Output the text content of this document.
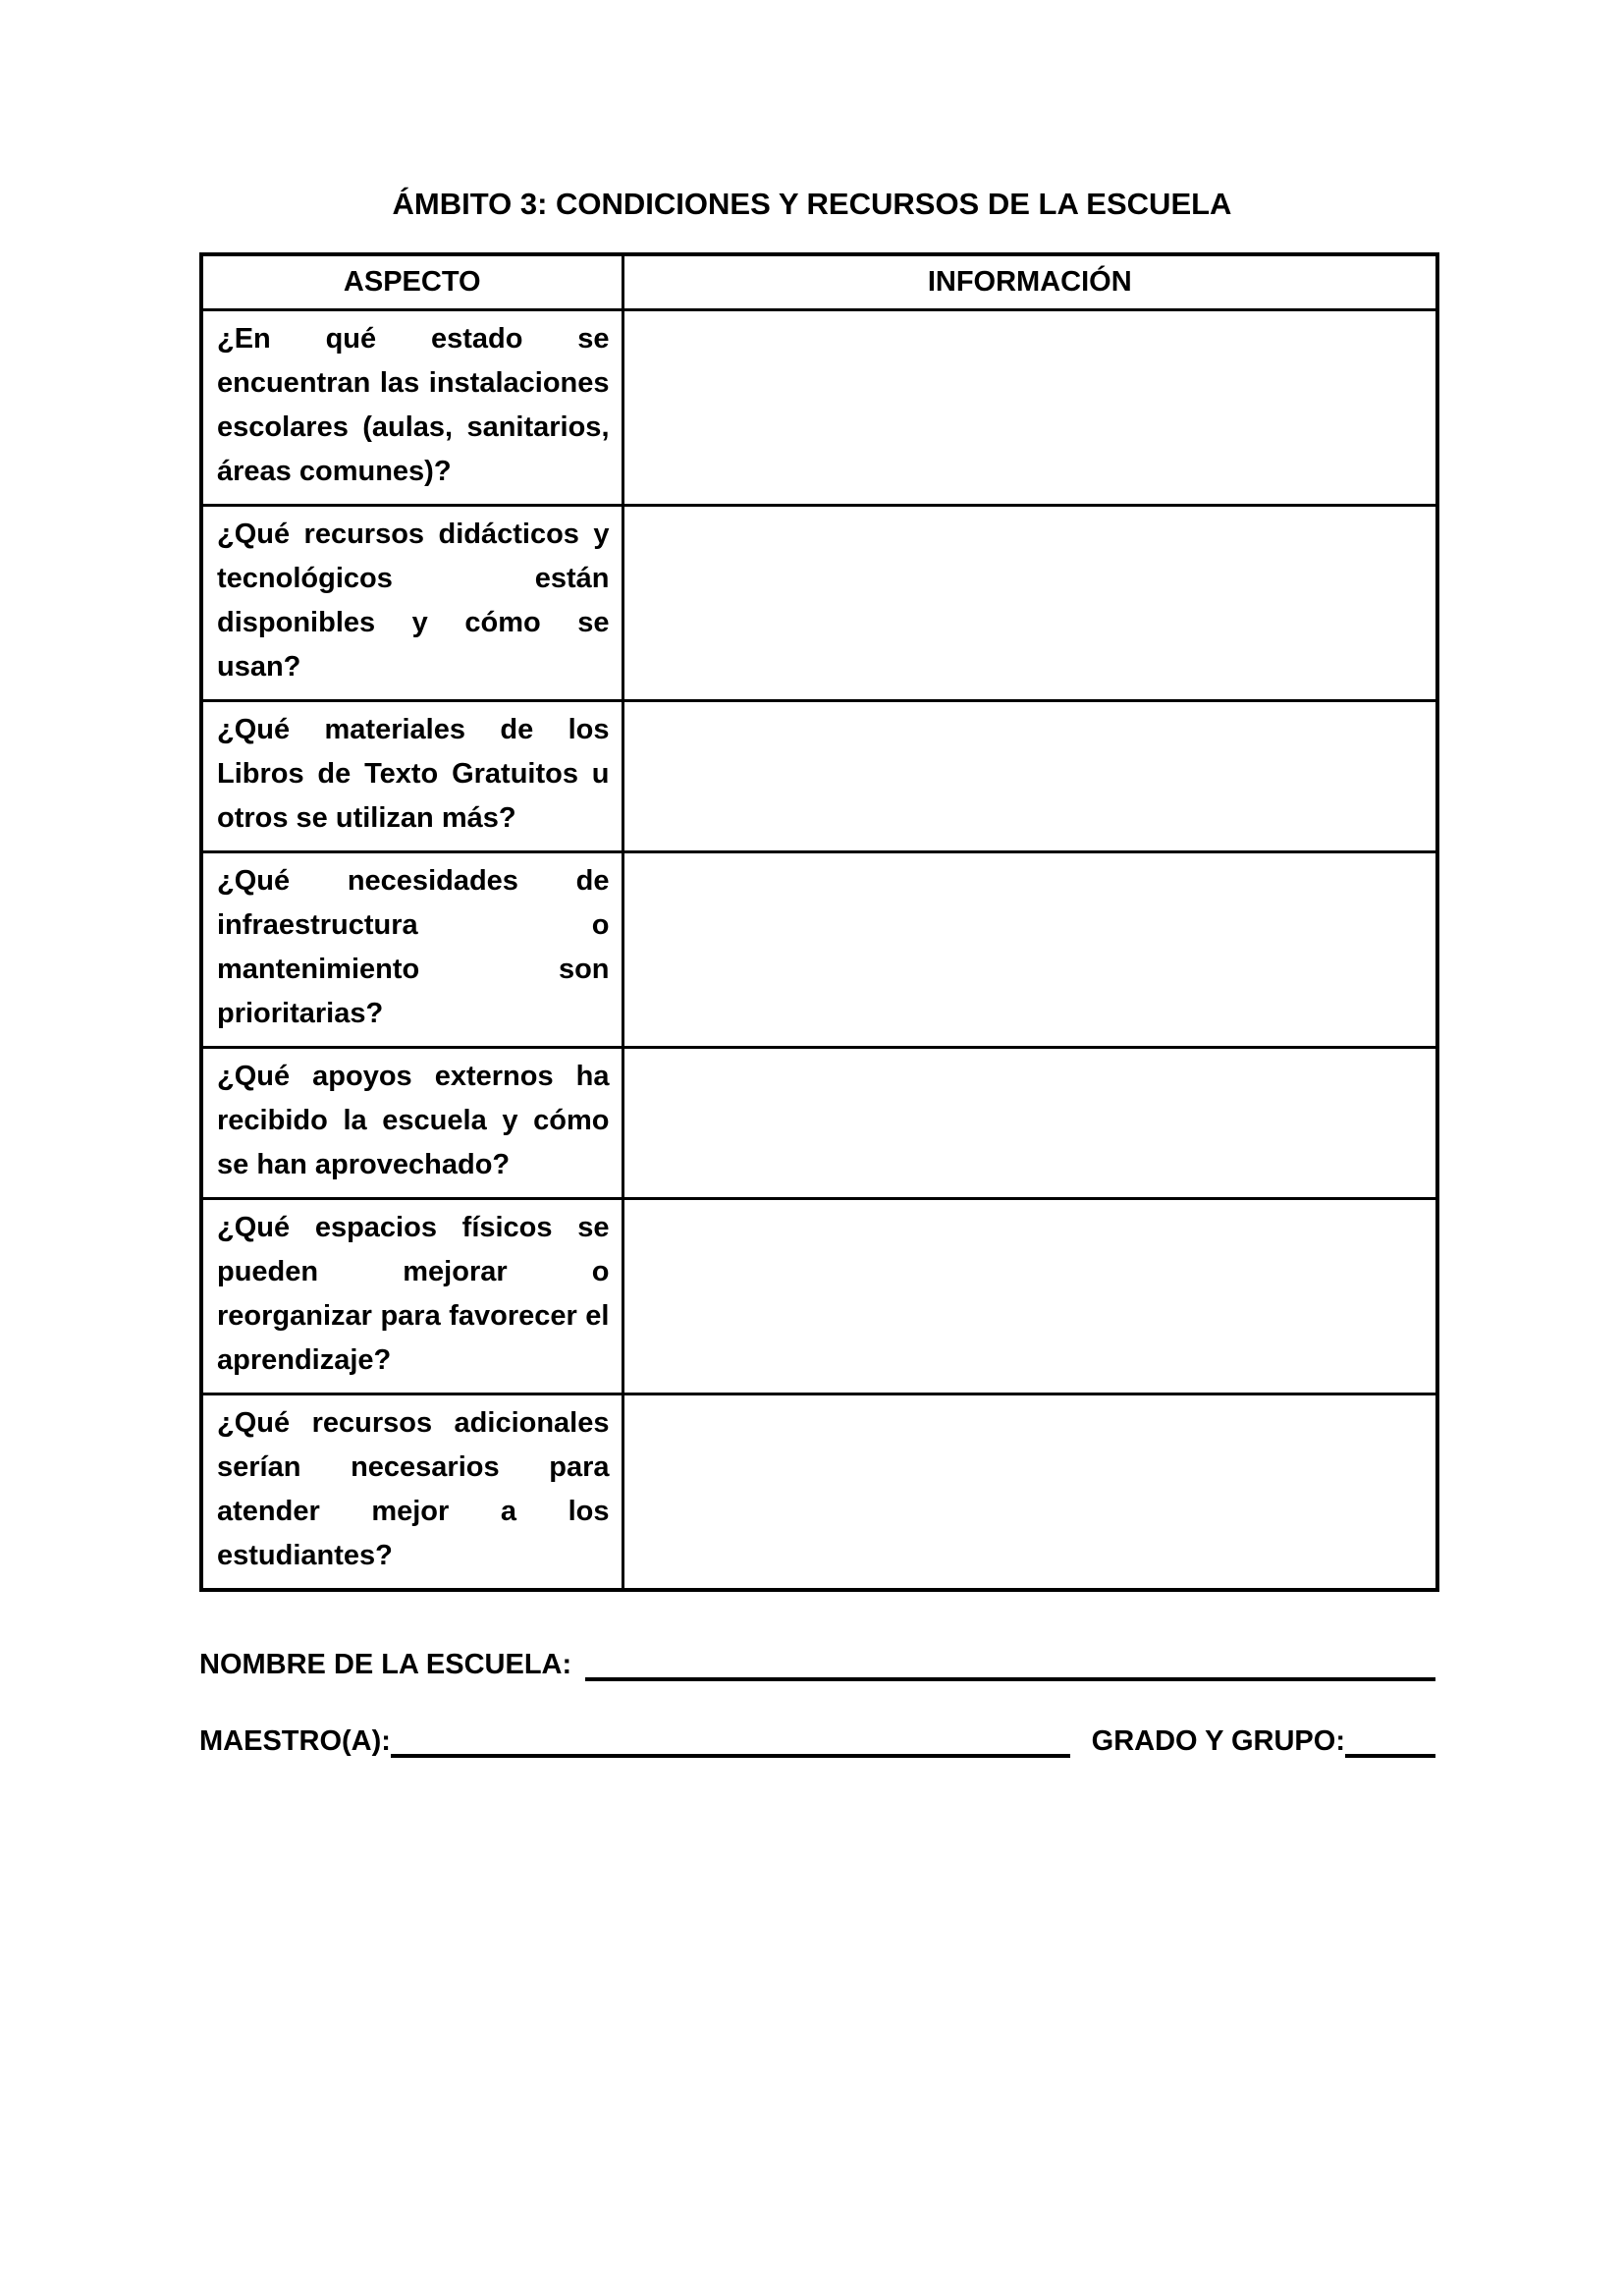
ÁMBITO 3: CONDICIONES Y RECURSOS DE LA ESCUELA
ASPECTO	INFORMACIÓN
¿En qué estado se encuentran las instalaciones escolares (aulas, sanitarios, áreas comunes)?	
¿Qué recursos didácticos y tecnológicos están disponibles y cómo se usan?	
¿Qué materiales de los Libros de Texto Gratuitos u otros se utilizan más?	
¿Qué necesidades de infraestructura o mantenimiento son prioritarias?	
¿Qué apoyos externos ha recibido la escuela y cómo se han aprovechado?	
¿Qué espacios físicos se pueden mejorar o reorganizar para favorecer el aprendizaje?	
¿Qué recursos adicionales serían necesarios para atender mejor a los estudiantes?	
NOMBRE DE LA ESCUELA:
MAESTRO(A):	GRADO Y GRUPO:
